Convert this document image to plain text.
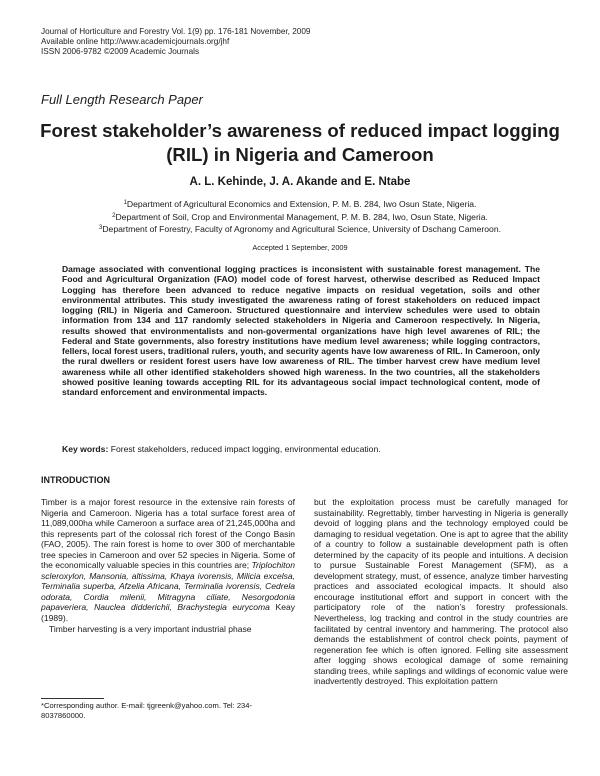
Journal of Horticulture and Forestry Vol. 1(9) pp. 176-181 November, 2009
Available online http://www.academicjournals.org/jhf
ISSN 2006-9782 ©2009 Academic Journals
Full Length Research Paper
Forest stakeholder’s awareness of reduced impact logging (RIL) in Nigeria and Cameroon
A. L. Kehinde, J. A. Akande and E. Ntabe
$^1$Department of Agricultural Economics and Extension, P. M. B. 284, Iwo Osun State, Nigeria.
$^2$Department of Soil, Crop and Environmental Management, P. M. B. 284, Iwo, Osun State, Nigeria.
$^3$Department of Forestry, Faculty of Agronomy and Agricultural Science, University of Dschang Cameroon.
Accepted 1 September, 2009
Damage associated with conventional logging practices is inconsistent with sustainable forest management. The Food and Agricultural Organization (FAO) model code of forest harvest, otherwise described as Reduced Impact Logging has therefore been advanced to reduce negative impacts on residual vegetation, soils and other environmental attributes. This study investigated the awareness rating of forest stakeholders on reduced impact logging (RIL) in Nigeria and Cameroon. Structured questionnaire and interview schedules were used to obtain information from 134 and 117 randomly selected stakeholders in Nigeria and Cameroon respectively. In Nigeria, results showed that environmentalists and non-govermental organizations have high level awarenes of RIL; the Federal and State governments, also forestry institutions have medium level awareness; while logging contractors, fellers, local forest users, traditional rulers, youth, and security agents have low awareness of RIL. In Cameroon, only the rural dwellers or resident forest users have low awareness of RIL. The timber harvest crew have medium level awareness while all other identified stakeholders showed high wareness. In the two countries, all the stakeholders showed positive leaning towards accepting RIL for its advantageous social impact technological content, mode of standard enforcement and environmental impacts.
Key words: Forest stakeholders, reduced impact logging, environmental education.
INTRODUCTION

Timber is a major forest resource in the extensive rain forests of Nigeria and Cameroon. Nigeria has a total surface forest area of 11,089,000ha while Cameroon a surface area of 21,245,000ha and this represents part of the colossal rich forest of the Congo Basin (FAO, 2005). The rain forest is home to over 300 of merchantable tree species in Cameroon and over 52 species in Nigeria. Some of the economically valuable species in this countries are; Triplochiton scleroxylon, Mansonia, altissima, Khaya ivorensis, Milicia excelsa, Terminalia superba, Afzelia Africana, Terminalia ivorensis, Cedrela odorata, Cordia milenii, Mitragyna ciliate, Nesorgodonia papaveriera, Nauclea didderichii, Brachystegia eurycoma Keay (1989).

Timber harvesting is a very important industrial phase

but the exploitation process must be carefully managed for sustainability. Regrettably, timber harvesting in Nigeria is generally devoid of logging plans and the technology employed could be damaging to residual vegetation. One is apt to agree that the ability of a country to follow a sustainable development path is often determined by the capacity of its people and intuitions. A decision to pursue Sustainable Forest Management (SFM), as a development strategy, must, of essence, analyze timber harvesting practices and associated ecological impacts. It should also encourage institutional effort and support in concert with the participatory role of the nation’s forestry professionals. Nevertheless, log tracking and control in the study countries are facilitated by central inventory and hammering. The protocol also demands the establishment of control check points, payment of regeneration fee which is often ignored. Felling site assessment after logging shows ecological damage of some remaining standing trees, while saplings and wildings of economic value were inadvertently destroyed. This exploitation pattern

*Corresponding author. E-mail: tjgreenk@yahoo.com. Tel: 234-8037860000.
